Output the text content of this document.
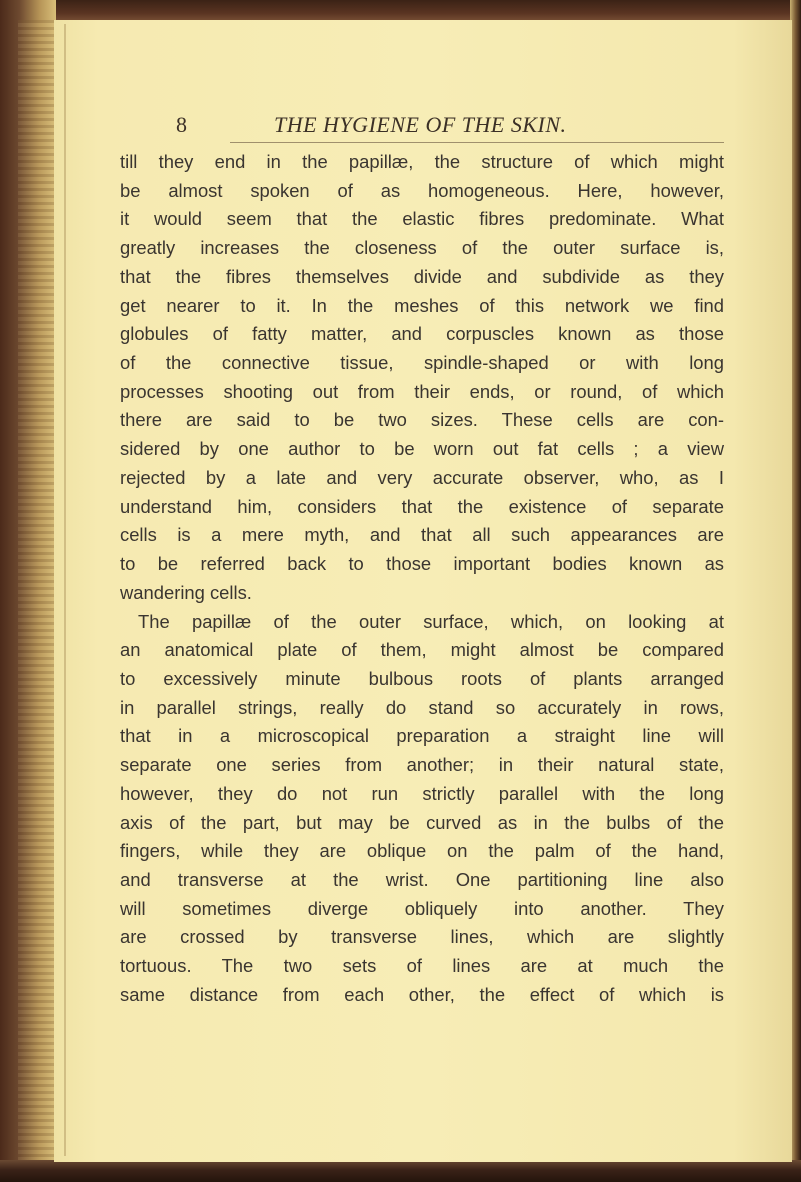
8	THE HYGIENE OF THE SKIN.
till they end in the papillæ, the structure of which might
be almost spoken of as homogeneous. Here, however,
it would seem that the elastic fibres predominate. What
greatly increases the closeness of the outer surface is,
that the fibres themselves divide and subdivide as they
get nearer to it. In the meshes of this network we find
globules of fatty matter, and corpuscles known as those
of the connective tissue, spindle-shaped or with long
processes shooting out from their ends, or round, of which
there are said to be two sizes. These cells are con-
sidered by one author to be worn out fat cells ; a view
rejected by a late and very accurate observer, who, as I
understand him, considers that the existence of separate
cells is a mere myth, and that all such appearances are
to be referred back to those important bodies known as
wandering cells.
The papillæ of the outer surface, which, on looking at
an anatomical plate of them, might almost be compared
to excessively minute bulbous roots of plants arranged
in parallel strings, really do stand so accurately in rows,
that in a microscopical preparation a straight line will
separate one series from another; in their natural state,
however, they do not run strictly parallel with the long
axis of the part, but may be curved as in the bulbs of the
fingers, while they are oblique on the palm of the hand,
and transverse at the wrist. One partitioning line also
will sometimes diverge obliquely into another. They
are crossed by transverse lines, which are slightly
tortuous. The two sets of lines are at much the
same distance from each other, the effect of which is
